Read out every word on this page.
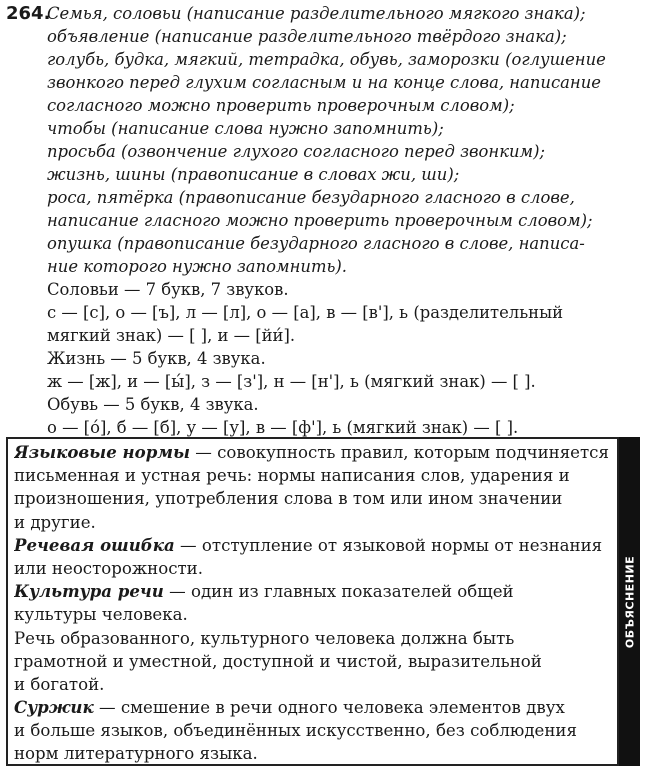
264.
Семья, соловьи (написание разделительного мягкого знака);
объявление (написание разделительного твёрдого знака);
голубь, будка, мягкий, тетрадка, обувь, заморозки (оглушение
звонкого перед глухим согласным и на конце слова, написание
согласного можно проверить проверочным словом);
чтобы (написание слова нужно запомнить);
просьба (озвончение глухого согласного перед звонким);
жизнь, шины (правописание в словах жи, ши);
роса, пятёрка (правописание безударного гласного в слове,
написание гласного можно проверить проверочным словом);
опушка (правописание безударного гласного в слове, написа-
ние которого нужно запомнить).
Соловьи — 7 букв, 7 звуков.
с — [с], о — [ъ], л — [л], о — [а], в — [в'], ь (разделительный
мягкий знак) — [ ], и — [йи́].
Жизнь — 5 букв, 4 звука.
ж — [ж], и — [ы́], з — [з'], н — [н'], ь (мягкий знак) — [ ].
Обувь — 5 букв, 4 звука.
о — [о́], б — [б], у — [у], в — [ф'], ь (мягкий знак) — [ ].
ОБЪЯСНЕНИЕ
Языковые нормы — совокупность правил, которым подчиняется
письменная и устная речь: нормы написания слов, ударения и
произношения, употребления слова в том или ином значении
и другие.
Речевая ошибка — отступление от языковой нормы от незнания
или неосторожности.
Культура речи — один из главных показателей общей
культуры человека.
Речь образованного, культурного человека должна быть
грамотной и уместной, доступной и чистой, выразительной
и богатой.
Суржик — смешение в речи одного человека элементов двух
и больше языков, объединённых искусственно, без соблюдения
норм литературного языка.
